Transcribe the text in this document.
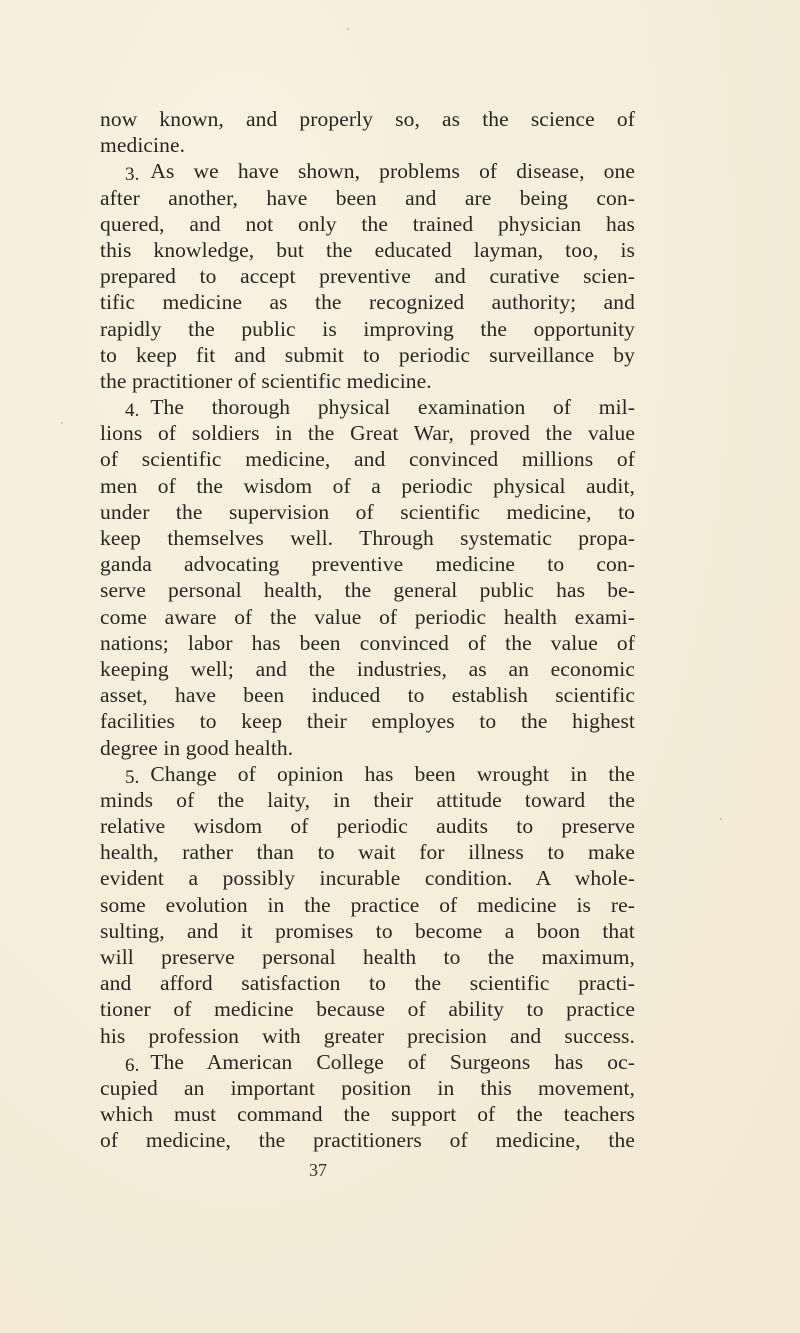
now known, and properly so, as the science of
medicine.
3.  As we have shown, problems of disease, one
after another, have been and are being con-
quered, and not only the trained physician has
this knowledge, but the educated layman, too, is
prepared to accept preventive and curative scien-
tific medicine as the recognized authority; and
rapidly the public is improving the opportunity
to keep fit and submit to periodic surveillance by
the practitioner of scientific medicine.
4.  The thorough physical examination of mil-
lions of soldiers in the Great War, proved the value
of scientific medicine, and convinced millions of
men of the wisdom of a periodic physical audit,
under the supervision of scientific medicine, to
keep themselves well. Through systematic propa-
ganda advocating preventive medicine to con-
serve personal health, the general public has be-
come aware of the value of periodic health exami-
nations; labor has been convinced of the value of
keeping well; and the industries, as an economic
asset, have been induced to establish scientific
facilities to keep their employes to the highest
degree in good health.
5.  Change of opinion has been wrought in the
minds of the laity, in their attitude toward the
relative wisdom of periodic audits to preserve
health, rather than to wait for illness to make
evident a possibly incurable condition. A whole-
some evolution in the practice of medicine is re-
sulting, and it promises to become a boon that
will preserve personal health to the maximum,
and afford satisfaction to the scientific practi-
tioner of medicine because of ability to practice
his profession with greater precision and success.
6.  The American College of Surgeons has oc-
cupied an important position in this movement,
which must command the support of the teachers
of medicine, the practitioners of medicine, the
37
